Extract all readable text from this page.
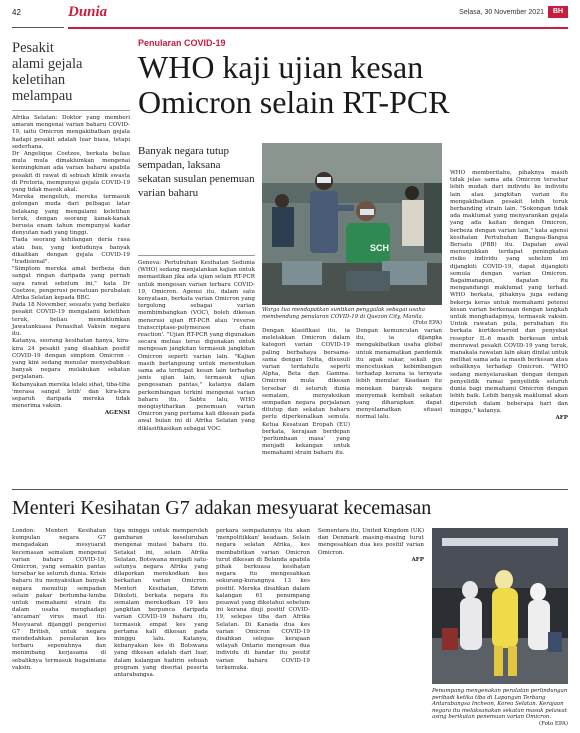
42	Dunia	Selasa, 30 November 2021	BH
Pesakit
alami gejala
keletihan
melampau

Afrika Selatan: Doktor yang memberi amaran mengenai varian baharu COVID-19, iaitu Omicron mengakibatkan gejala hadapi pesakit adalah luar biasa, tetapi sederhana.

Dr Angelique Coetzee, berkata beliau mula mula dimaklumkan mengenai kemungkinan ada varian baharu apabila pesakit di rawat di sebuah klinik swasta di Pretoria, mempunyai gejala COVID-19 yang tidak masuk akal.

Mereka mengeluh, mereka termasuk golongan muda dari pelbagai latar belakang yang mengalami keletihan teruk, dengan seorang kanak-kanak berusia enam tahun mempunyai kadar denyutan nadi yang tinggi.

Tiada seorang kehilangan deria rasa atau bau, yang kedudunya banyak dikaitkan dengan gejala COVID-19 "tradisional".

"Simptom mereka amat berbeza dan sangat ringan daripada yang pernah saya rawat sebelum ini," kata Dr Coetzee, pengerusi persatuan perubatan Afrika Selatan kepada BBC.

Pada 18 November, sesuatu yang berlaku pesakit COVID-19 mengalami keletihan teruk, beliau memaklumkan Jawatankuasa Penasihat Vaksin negara itu.

Katanya, seorang kesihatan hanya, kira-kira 24 pesakit yang disahkan positif COVID-19 dengan simptom Omicron - yang kini sedang menular menyebabkan banyak negara melakukan sekatan perjalanan.

Kebanyakan mereka lelaki sihat, tiba-tiba 'merasa sangat letih' dan kira-kira separuh daripada mereka tidak menerima vaksin.

AGENSI

Penularan COVID-19
WHO kaji ujian kesan
Omicron selain RT-PCR
Banyak negara tutup sempadan, laksana sekatan susulan penemuan varian baharu
Geneva: Pertubuhan Kesihatan Sedunia (WHO) sedang menjalankan kajian untuk memastikan jika ada ujian selain RT-PCR untuk mengesan varian terbaru COVID-19, Omicron. Agensi itu, dalam satu kenyataan, berkata varian Omicron yang tergolong sebagai varian membimbangkan (VOC), boleh dikesan menerusi ujian RT-PCR atau 'reverse transcriptase-polymerase chain reaction'. "Ujian RT-PCR yang digunakan secara meluas terus digunakan untuk mengesan jangkitan termasuk jangkitan Omicron seperti varian lain. "Kajian masih berlangsung untuk menentukan sama ada terdapat kesan lain terhadap jenis ujian lain, termasuk ujian pengesanan pantas," katanya dalam perkembangan terkini mengenai varian baharu itu. Sabtu lalu, WHO mengisytiharkan penemuan varian Omicron yang pertama kali dikesan pada awal bulan ini di Afrika Selatan yang diklasifikasikan sebagai VOC.
SCH
Warga tua mendapatkan suntikan penggalak sebagai usaha membendung penularan COVID-19 di Quezon City, Manila.
(Foto EPA)
Dengan klasifikasi itu, ia meletakkan Omicron dalam kategori varian COVID-19 paling berbahaya bersama-sama dengan Delta, disusuli varian terdahulu seperti Alpha, Beta dan Gamma. Omicron mula dikesan tersebar di seluruh dunia semalam, menyaksikan sempadan negara perjalanan ditutup dan sekatan baharu perlu diperkenalkan semula. Ketua Kesatuan Eropah (EU) berkata, kerajaan berdepan 'perlumbaan masa' yang menjadi kekangan untuk memahami strain baharu itu.
Dengan kemunculan varian itu, ia dijangka mengakibatkan usaha global untuk menamatkan pandemik itu agak sukar, sekali gus mencetuskan kebimbangan terhadap kerana ia ternyata lebih menular. Keadaan itu menekan banyak negara menyemak kembali sekatan yang diharapkan dapat menyelamatkan situasi normal lalu.
WHO memberitahu, pihaknya masih tidak jelas sama ada Omicron tersebar lebih mudah dari individu ke individu lain atau jangkitan varian itu mengakibatkan pesakit lebih teruk berbanding strain lain. "Sokongan tidak ada maklumat yang menyarankan gejala yang ada kaitan dengan Omicron, berbeza dengan varian lain," kata agensi kesihatan Pertubuhan Bangsa-Bangsa Bersatu (PBB) itu. Dapatan awal menunjukkan terdapat peningkatan risiko individu yang sebelum ini dijangkiti COVID-19, dapat dijangkiti semula dengan varian Omicron. Bagaimanapun, dapatan itu mengandungi maklumat yang terhad. WHO berkata, pihaknya juga sedang bekerja keras untuk memahami potensi kesan varian berkenaan dengan langkah untuk menghadapinya, termasuk vaksin. Untuk rawatan pula, perubahan itu berkata kortikosteroid dan penyekat reseptor IL-6 masih berkesan untuk menrawat pesakit COVID-19 yang teruk, manakala rawatan lain akan dinilai untuk melihat sama ada ia masih berkesan atau sebaliknya terhadap Omicron. "WHO sedang menyelaraskan dengan dengan penyelidik ramai penyelidik seluruh dunia bagi memahami Omicron dengan lebih baik. Lebih banyak maklumat akan diperoleh dalam beberapa hari dan minggu," katanya.
AFP
Menteri Kesihatan G7 adakan mesyuarat kecemasan
London: Menteri Kesihatan kumpulan negara G7 mengadakan mesyuarat kecemasan semalam mengenai varian baharu COVID-19, Omicron, yang semakin pantas tersebar ke seluruh dunia. Krisis baharu itu menyaksikan banyak negara menutup sempadan selain pakar berlumba-lumba untuk memahami strain itu dalam usaha menghadapi 'ancaman' virus maut itu. Mesyuarat dijanggil pengerusi G7 British, untuk negara mendedahkan penularan kes terbaru sepenuhnya dan menimbang kerjasama di sebaliknya termasuk bagaimana vaksin.
tiga minggu untuk memperoleh gambaran keseluruhan mengenai mutasi baharu itu. Setakat ini, selain Afrika Selatan, Botswana menjadi satu-satunya negara Afrika yang dilaporkan merekodkan kes berkaitan varian Omicron. Menteri Kesihatan, Edwin Dikoloti, berkata negara itu semalam merekodkan 19 kes jangkitan berpunca daripada varian COVID-19 baharu itu, termasuk empat kes yang pertama kali dikesan pada minggu lalu. Katanya, kebanyakan kes di Botswana yang dikesan adalah dari luar, dalam kalangan hadirin sebuah program yang disertai peserta antarabangsa.
perkara sempadannya itu akan 'menpolitikkan' keadaan. Selain negara selatan Afrika, kes membabitkan varian Omicron turut dikesan di Belanda apabila pihak berkuasa kesihatan negara itu mengesahkan sekurang-kurangnya 13 kes positif. Mereka disahkan dalam kalangan 61 penumpang pesawat yang diketahui sebelum ini kerana diuji positif COVID-19, selepas tiba dari Afrika Selatan. Di Kanada dua kes varian Omicron COVID-19 disahkan selepas kerajaan wilayah Ontario mengesan dua individu di bandar itu positif varian baharu COVID-19 terkemuka.
Sementara itu, United Kingdom (UK) dan Denmark masing-masing turut mengesahkan dua kes positif varian Omicron.
AFP
Penumpang mengenakan peralatan perlindungan peribadi ketika tiba di Lapangan Terbang Antarabangsa Incheon, Korea Selatan. Kerajaan negara itu melaksanakan sekatan masuk pelawat asing berikutan penemuan varian Omicron.
(Foto EPA)
